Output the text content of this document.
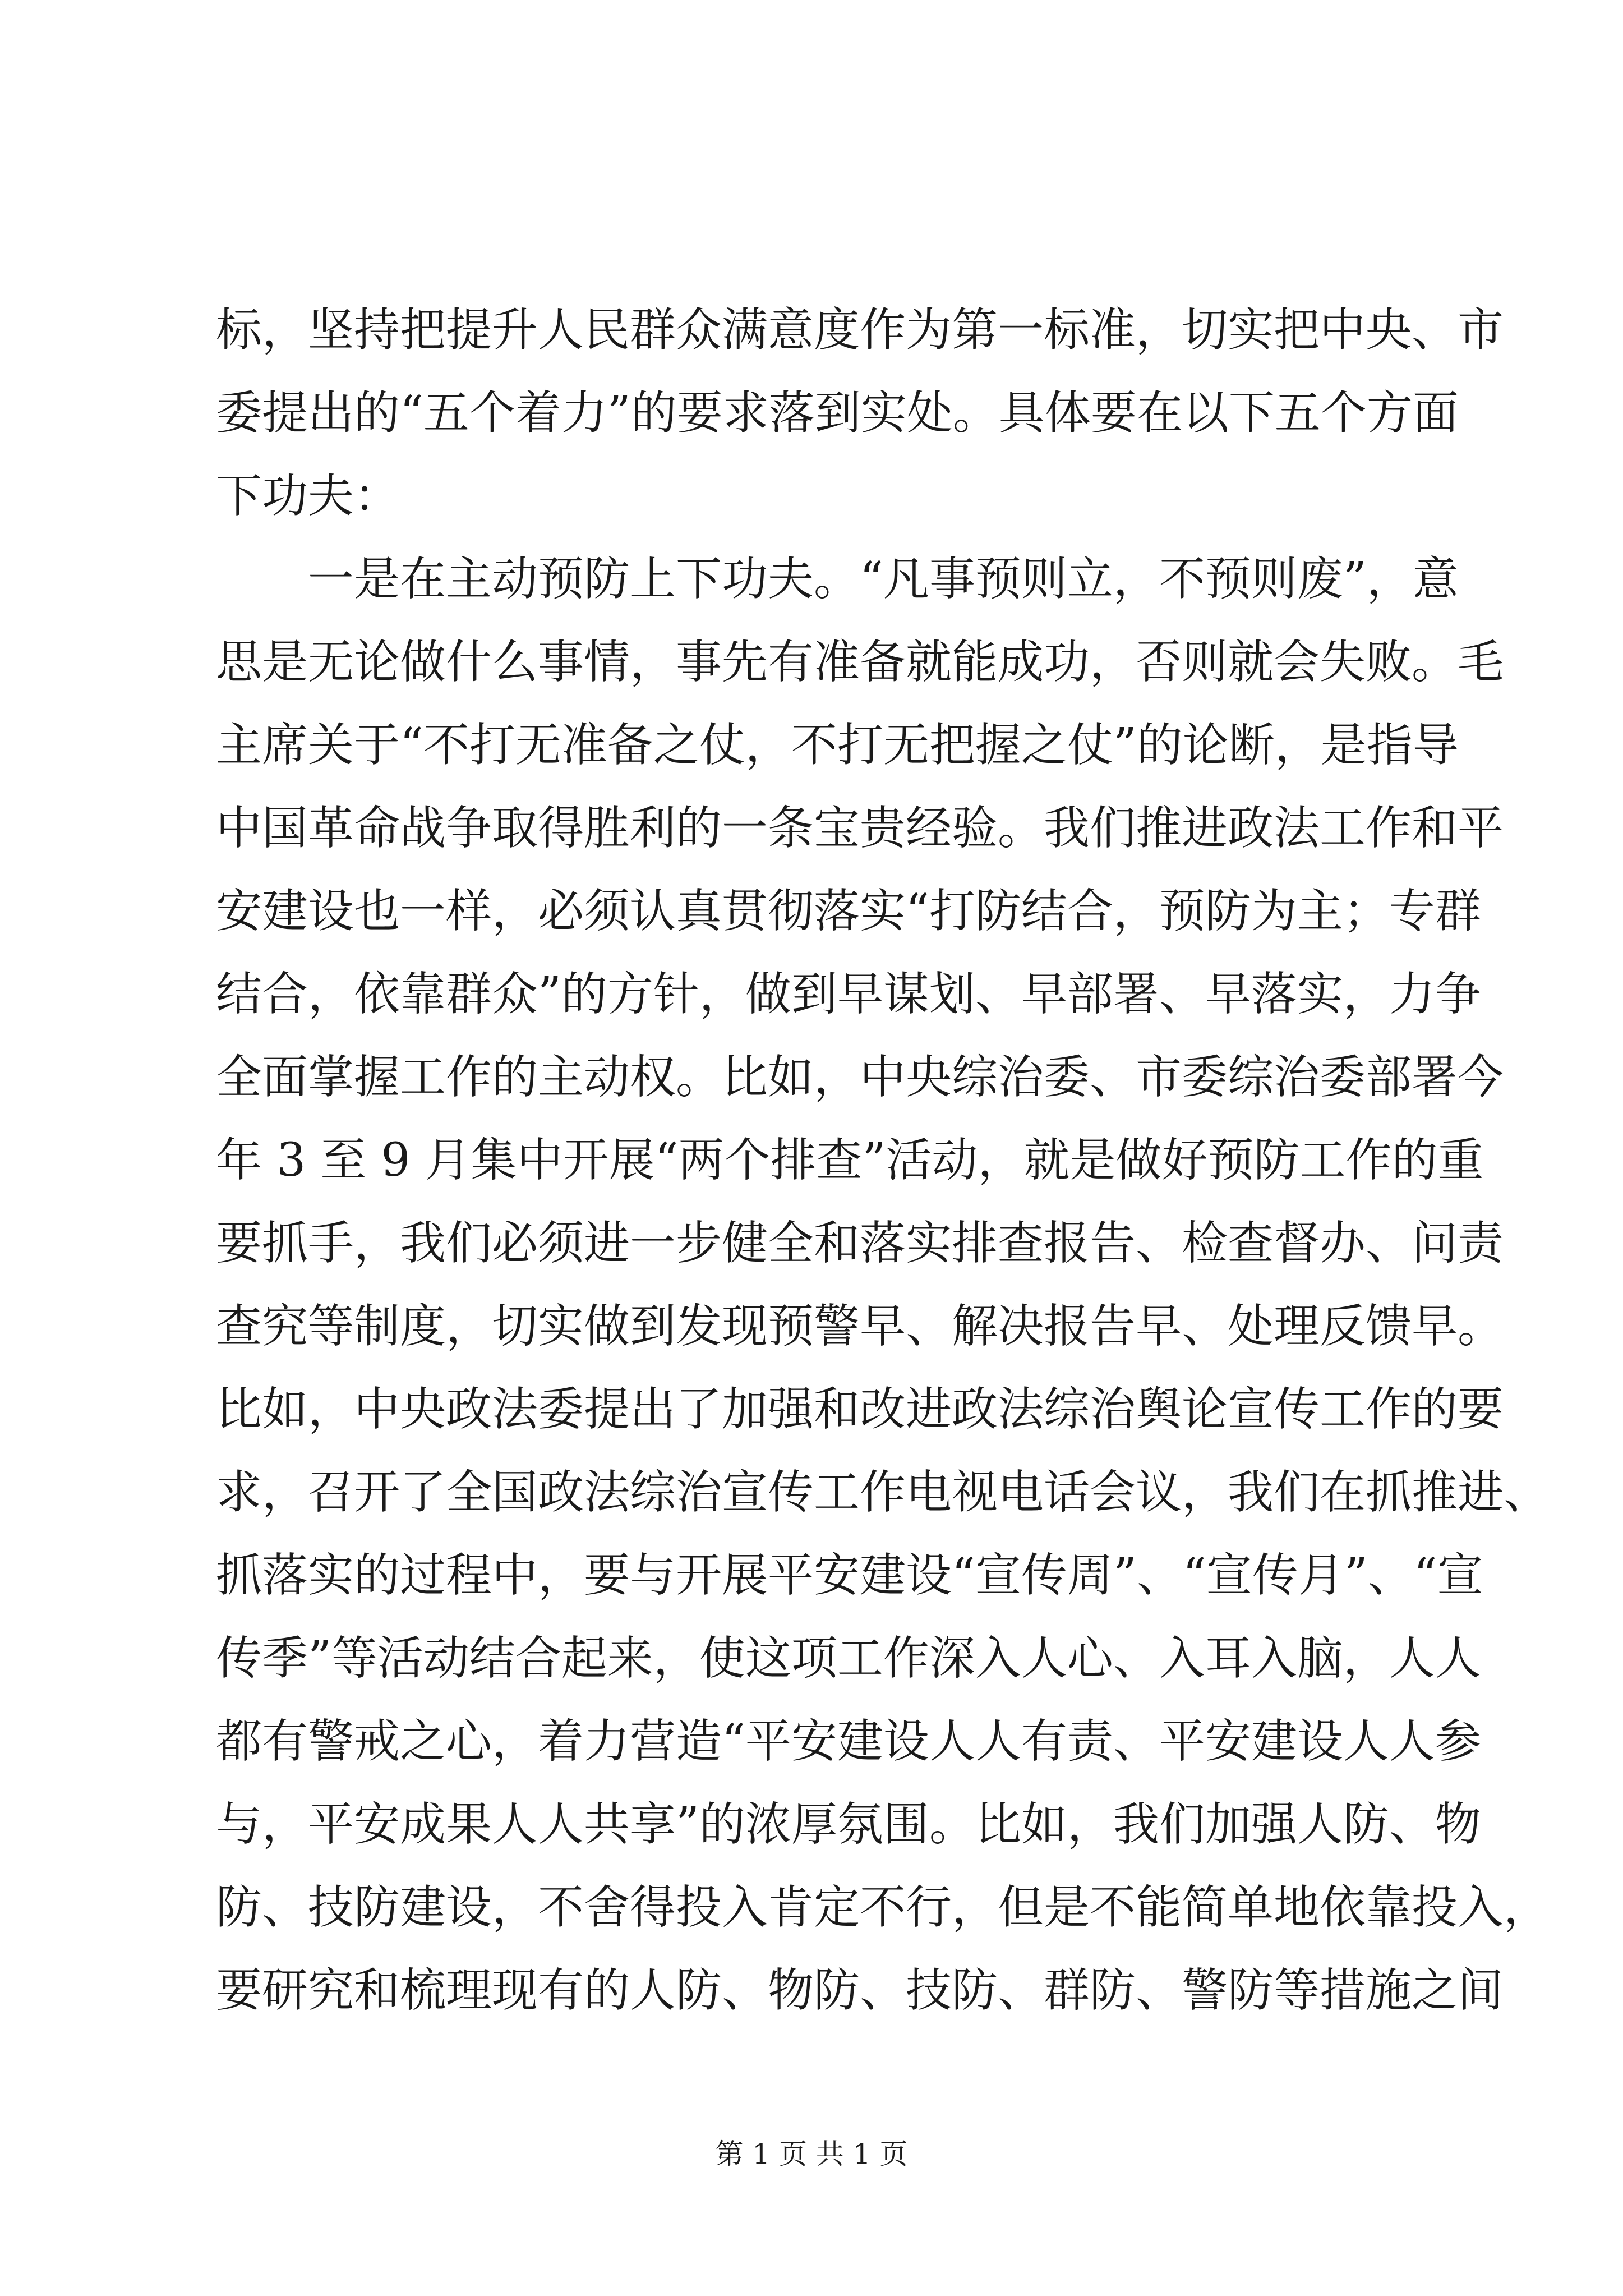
标，坚持把提升人民群众满意度作为第一标准，切实把中央、市
委提出的“五个着力”的要求落到实处。具体要在以下五个方面
下功夫：
　　一是在主动预防上下功夫。“凡事预则立，不预则废”，意
思是无论做什么事情，事先有准备就能成功，否则就会失败。毛
主席关于“不打无准备之仗，不打无把握之仗”的论断，是指导
中国革命战争取得胜利的一条宝贵经验。我们推进政法工作和平
安建设也一样，必须认真贯彻落实“打防结合，预防为主；专群
结合，依靠群众”的方针，做到早谋划、早部署、早落实，力争
全面掌握工作的主动权。比如，中央综治委、市委综治委部署今
年 3 至 9 月集中开展“两个排查”活动，就是做好预防工作的重
要抓手，我们必须进一步健全和落实排查报告、检查督办、问责
查究等制度，切实做到发现预警早、解决报告早、处理反馈早。
比如，中央政法委提出了加强和改进政法综治舆论宣传工作的要
求，召开了全国政法综治宣传工作电视电话会议，我们在抓推进、
抓落实的过程中，要与开展平安建设“宣传周”、“宣传月”、“宣
传季”等活动结合起来，使这项工作深入人心、入耳入脑，人人
都有警戒之心，着力营造“平安建设人人有责、平安建设人人参
与，平安成果人人共享”的浓厚氛围。比如，我们加强人防、物
防、技防建设，不舍得投入肯定不行，但是不能简单地依靠投入，
要研究和梳理现有的人防、物防、技防、群防、警防等措施之间
第 1 页 共 1 页
